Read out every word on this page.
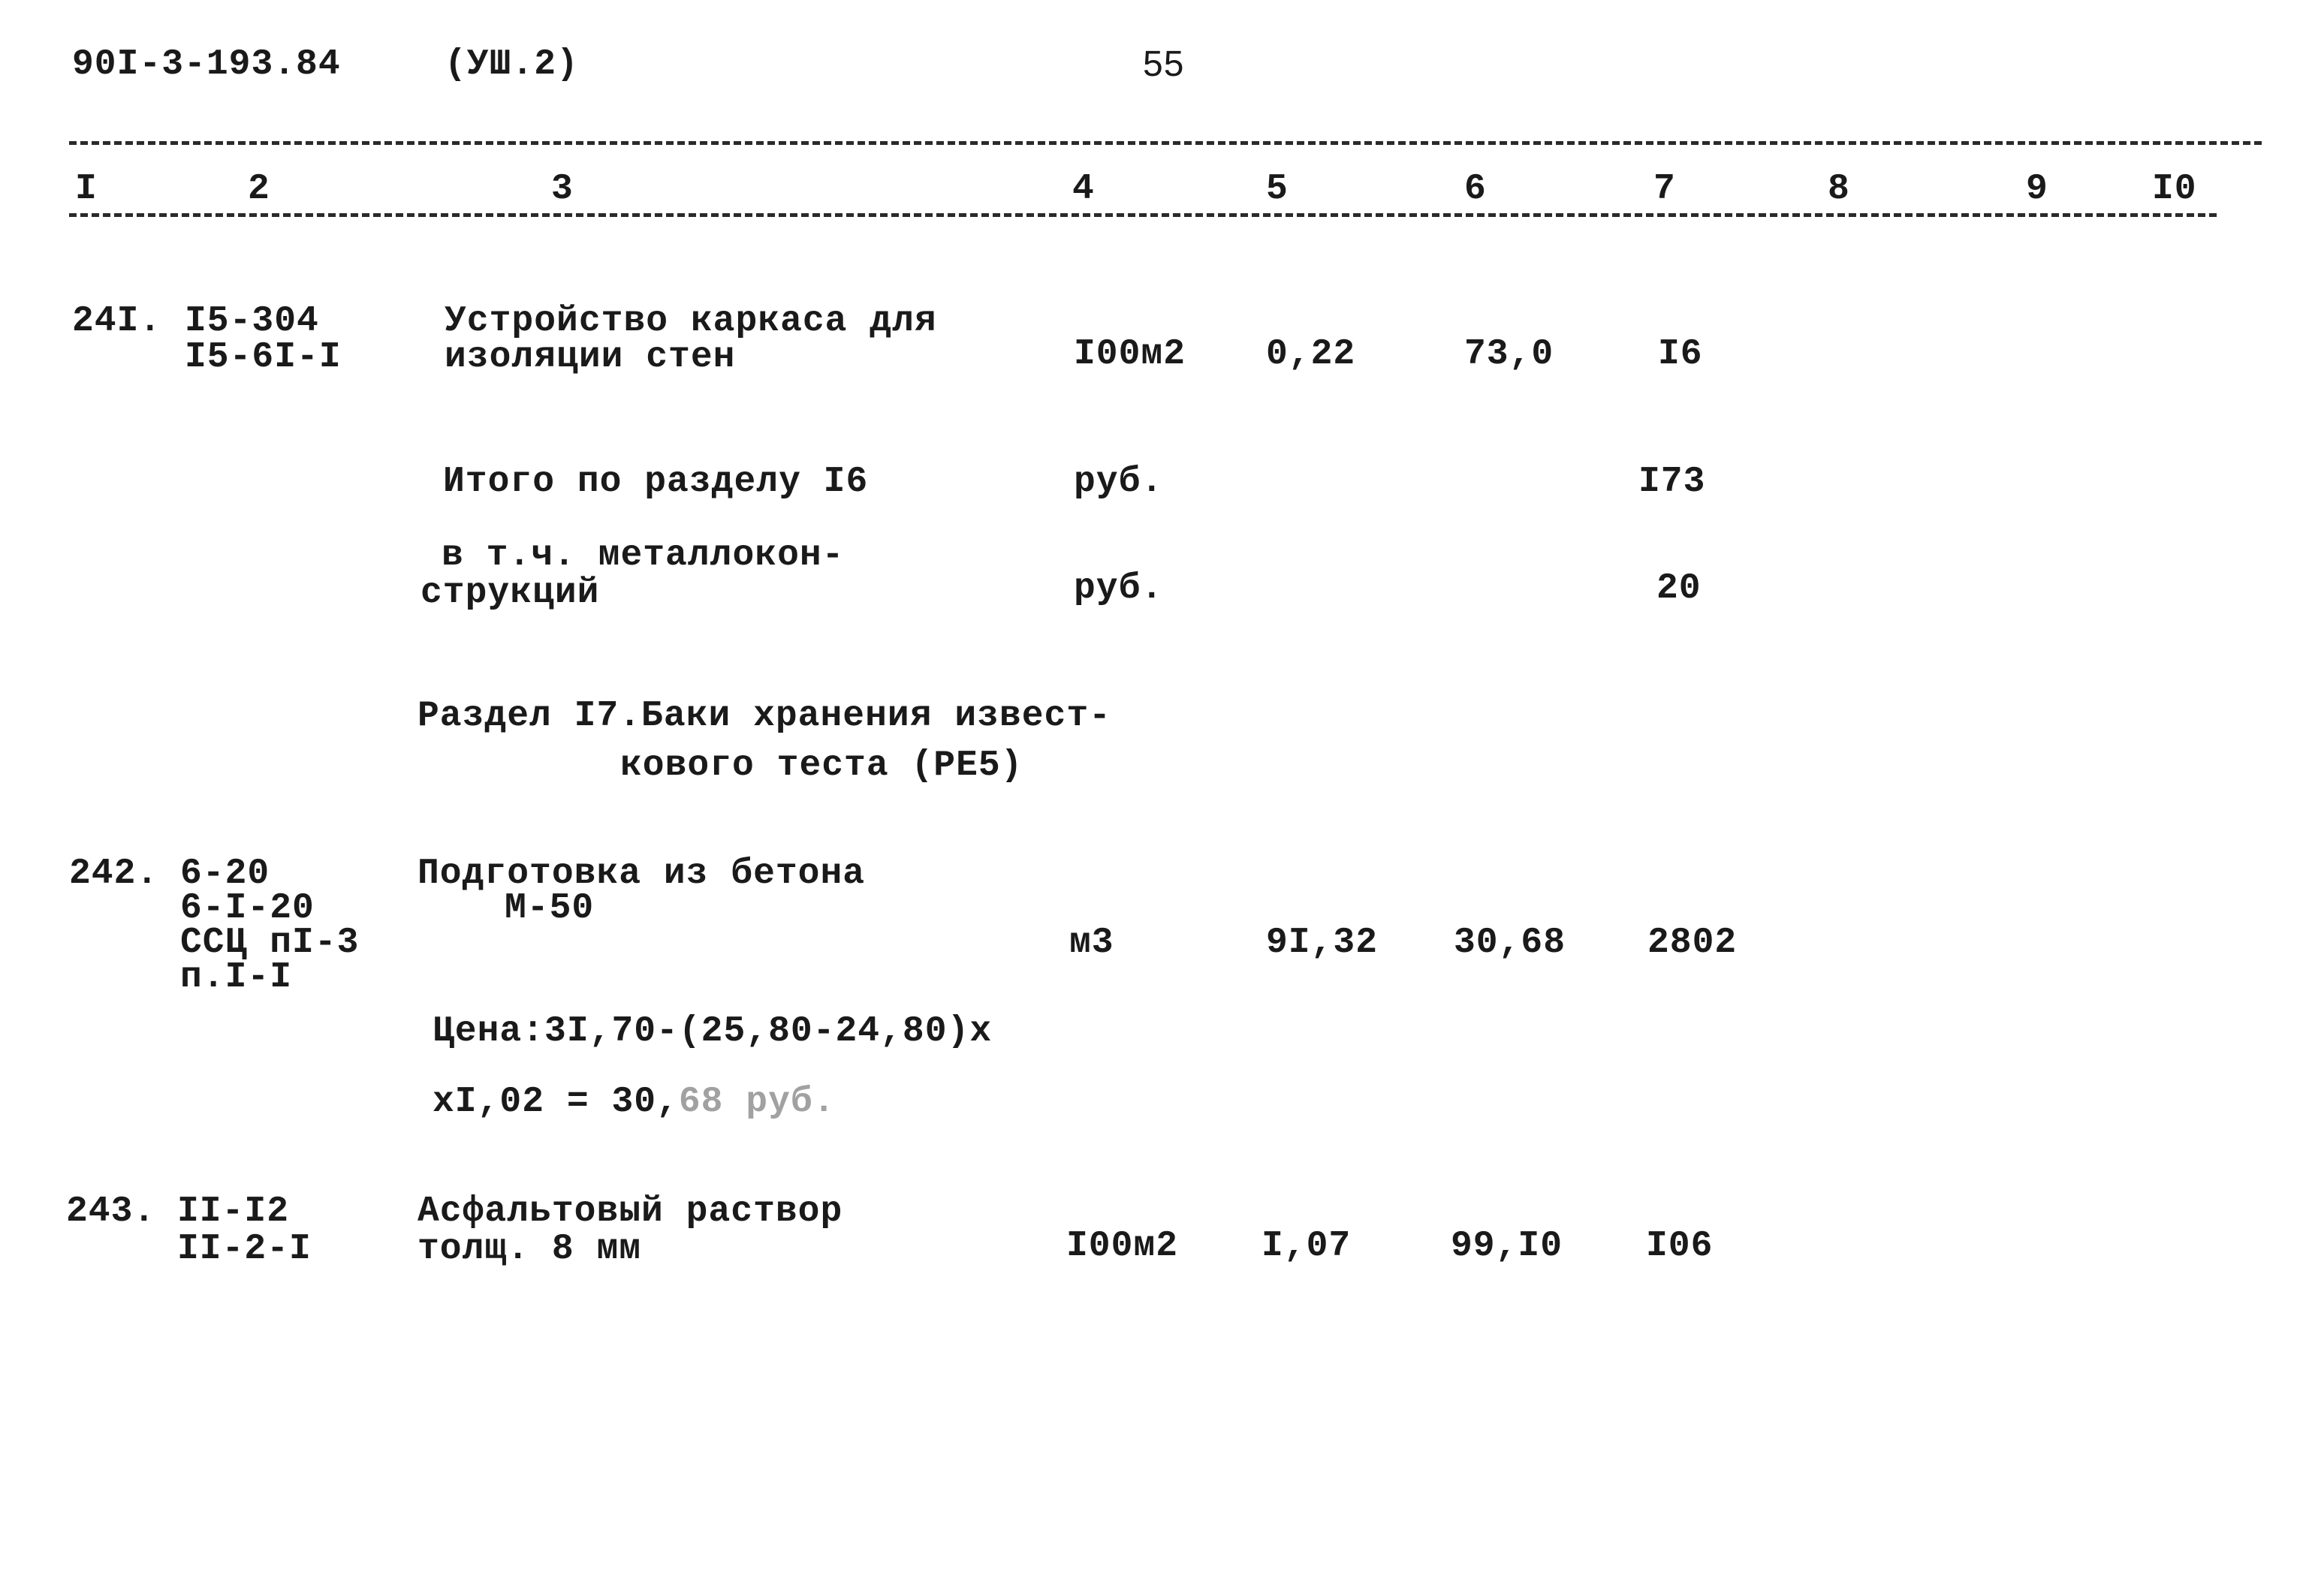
90I-3-193.84	(УШ.2)	55
I	2	3	4	5	6	7	8	9	I0
24I. I5-304
I5-6I-I
Устройство каркаса для
изоляции стен	I00м2 0,22	73,0	I6
Итого по разделу I6	руб.	I73
в т.ч. металлокон-
струкций	руб.	20
Раздел I7.Баки хранения извест-
кового теста (РЕ5)
242. 6-20
6-I-20
ССЦ пI-3
п.I-I
Подготовка из бетона
М-50
м3	9I,32 30,68 2802
Цена:3I,70-(25,80-24,80)х
хI,02 = 30,68 руб.
243. II-I2
II-2-I
Асфальтовый раствор
толщ. 8 мм	I00м2 I,07	99,I0 I06
